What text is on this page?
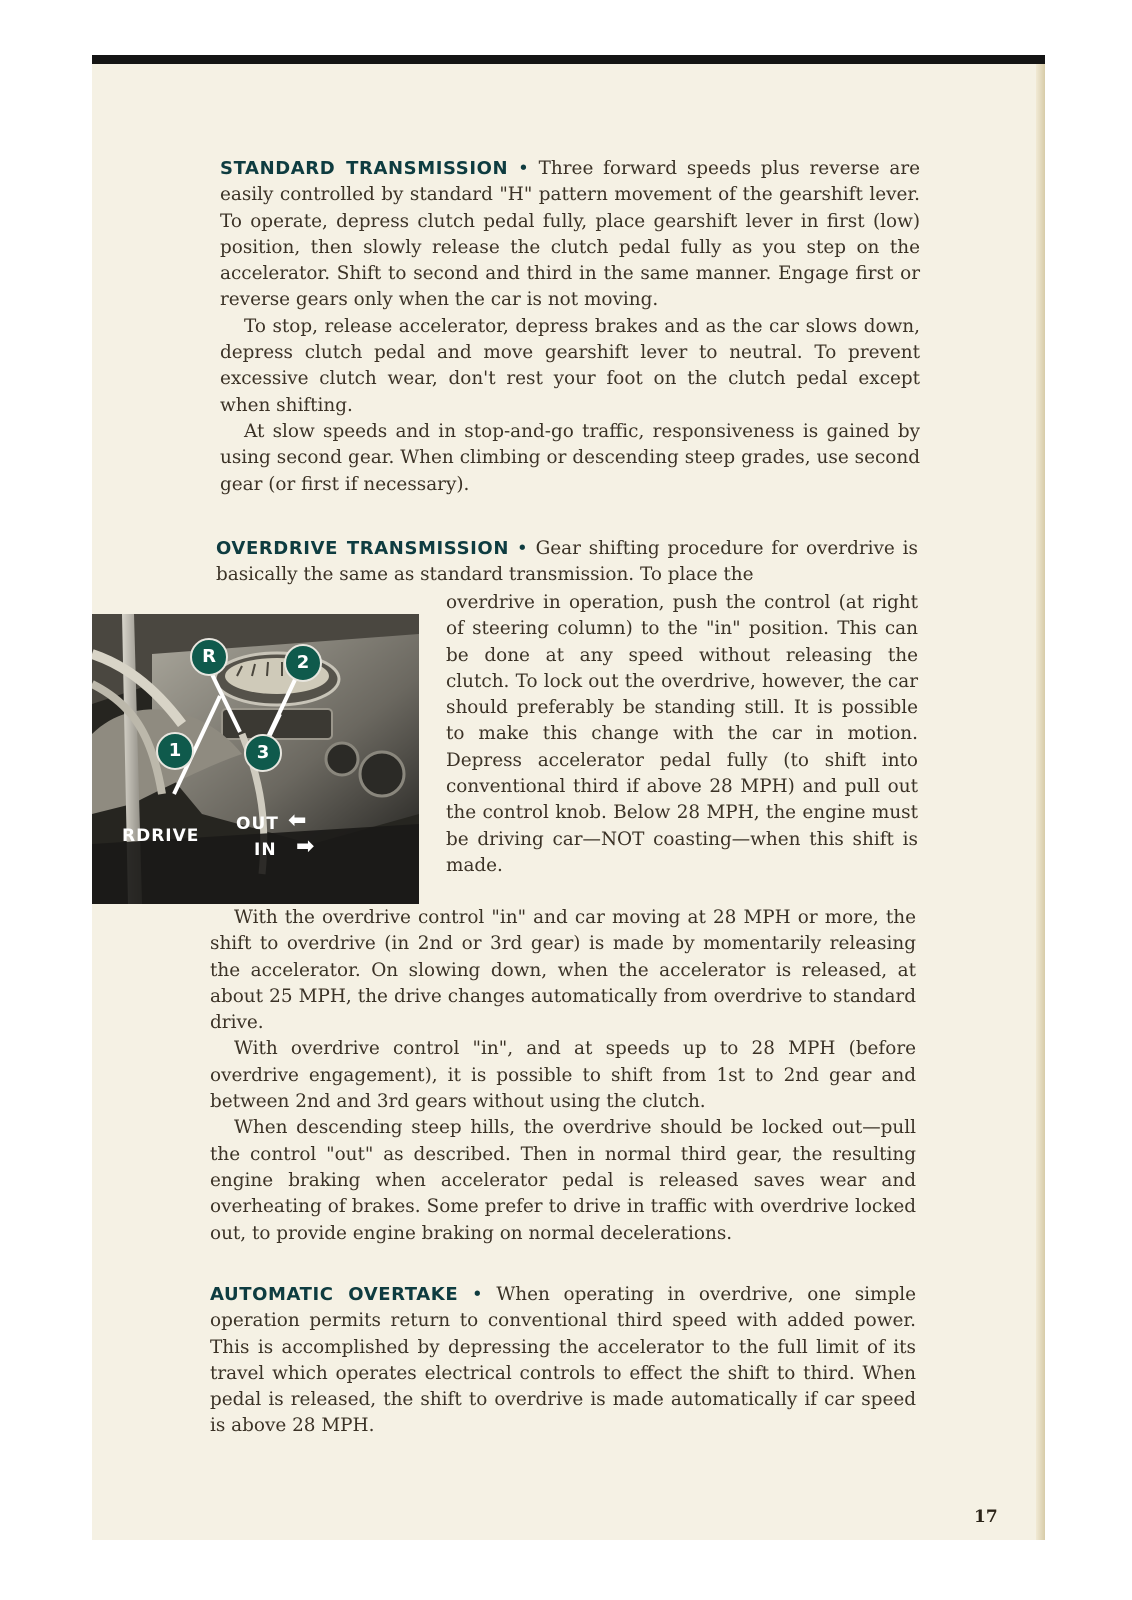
STANDARD TRANSMISSION • Three forward speeds plus reverse are easily controlled by standard "H" pattern movement of the gearshift lever. To operate, depress clutch pedal fully, place gearshift lever in first (low) position, then slowly release the clutch pedal fully as you step on the accelerator. Shift to second and third in the same manner. Engage first or reverse gears only when the car is not moving.

To stop, release accelerator, depress brakes and as the car slows down, depress clutch pedal and move gearshift lever to neutral. To prevent excessive clutch wear, don't rest your foot on the clutch pedal except when shifting.

At slow speeds and in stop-and-go traffic, responsiveness is gained by using second gear. When climbing or descending steep grades, use second gear (or first if necessary).

OVERDRIVE TRANSMISSION • Gear shifting procedure for overdrive is basically the same as standard transmission. To place the

R	2
1	3
RDRIVE
OUT
IN
⬅
➡

overdrive in operation, push the control (at right of steering column) to the "in" position. This can be done at any speed without releasing the clutch. To lock out the overdrive, however, the car should preferably be standing still. It is possible to make this change with the car in motion. Depress accelerator pedal fully (to shift into conventional third if above 28 MPH) and pull out the control knob. Below 28 MPH, the engine must be driving car—NOT coasting—when this shift is made.

With the overdrive control "in" and car moving at 28 MPH or more, the shift to overdrive (in 2nd or 3rd gear) is made by momentarily releasing the accelerator. On slowing down, when the accelerator is released, at about 25 MPH, the drive changes automatically from overdrive to standard drive.

With overdrive control "in", and at speeds up to 28 MPH (before overdrive engagement), it is possible to shift from 1st to 2nd gear and between 2nd and 3rd gears without using the clutch.

When descending steep hills, the overdrive should be locked out—pull the control "out" as described. Then in normal third gear, the resulting engine braking when accelerator pedal is released saves wear and overheating of brakes. Some prefer to drive in traffic with overdrive locked out, to provide engine braking on normal decelerations.

AUTOMATIC OVERTAKE • When operating in overdrive, one simple operation permits return to conventional third speed with added power. This is accomplished by depressing the accelerator to the full limit of its travel which operates electrical controls to effect the shift to third. When pedal is released, the shift to overdrive is made automatically if car speed is above 28 MPH.

17
